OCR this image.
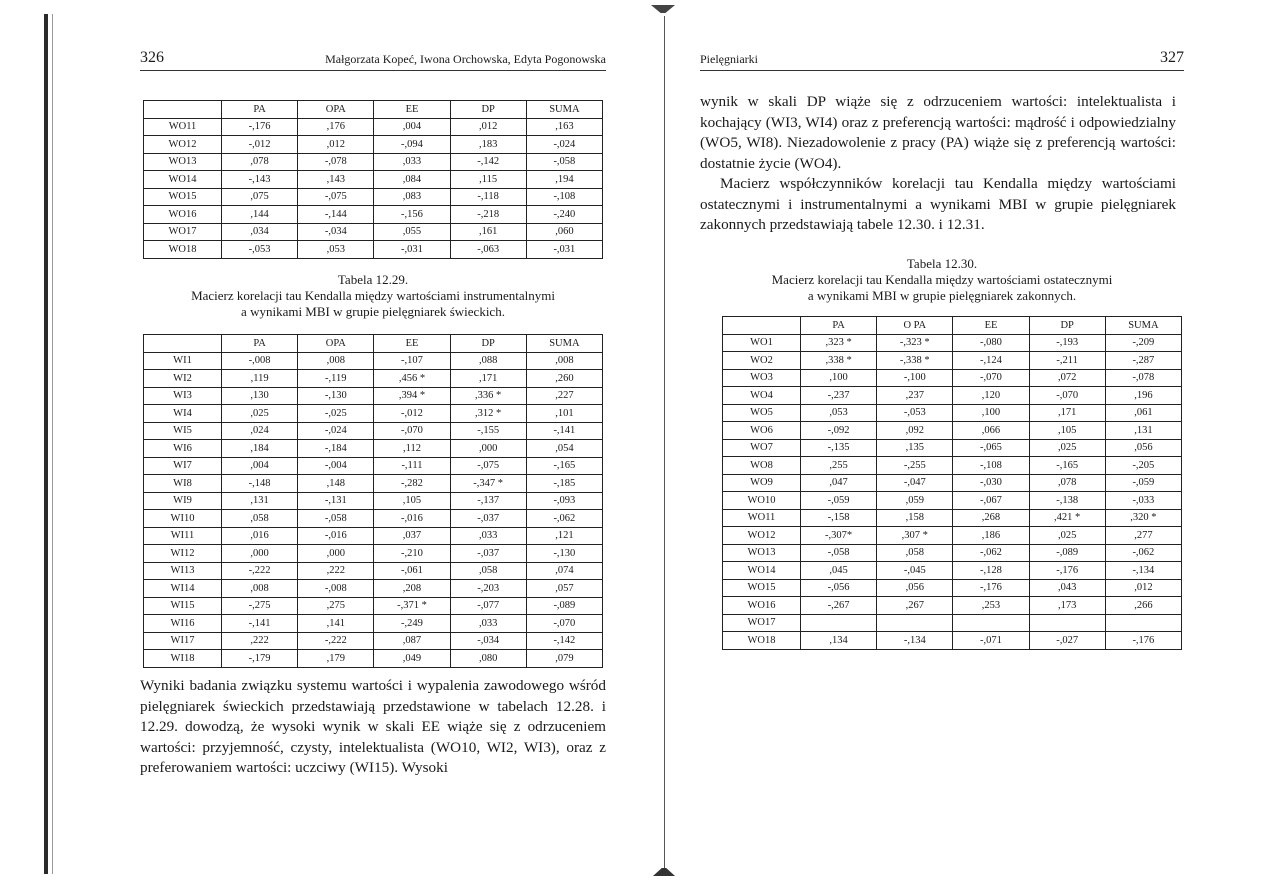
326	Małgorzata Kopeć, Iwona Orchowska, Edyta Pogonowska
	PA	OPA	EE	DP	SUMA
WO11	-,176	,176	,004	,012	,163
WO12	-,012	,012	-,094	,183	-,024
WO13	,078	-,078	,033	-,142	-,058
WO14	-,143	,143	,084	,115	,194
WO15	,075	-,075	,083	-,118	-,108
WO16	,144	-,144	-,156	-,218	-,240
WO17	,034	-,034	,055	,161	,060
WO18	-,053	,053	-,031	-,063	-,031
Tabela 12.29.
Macierz korelacji tau Kendalla między wartościami instrumentalnymi
a wynikami MBI w grupie pielęgniarek świeckich.
	PA	OPA	EE	DP	SUMA
WI1	-,008	,008	-,107	,088	,008
WI2	,119	-,119	,456 *	,171	,260
WI3	,130	-,130	,394 *	,336 *	,227
WI4	,025	-,025	-,012	,312 *	,101
WI5	,024	-,024	-,070	-,155	-,141
WI6	,184	-,184	,112	,000	,054
WI7	,004	-,004	-,111	-,075	-,165
WI8	-,148	,148	-,282	-,347 *	-,185
WI9	,131	-,131	,105	-,137	-,093
WI10	,058	-,058	-,016	-,037	-,062
WI11	,016	-,016	,037	,033	,121
WI12	,000	,000	-,210	-,037	-,130
WI13	-,222	,222	-,061	,058	,074
WI14	,008	-,008	,208	-,203	,057
WI15	-,275	,275	-,371 *	-,077	-,089
WI16	-,141	,141	-,249	,033	-,070
WI17	,222	-,222	,087	-,034	-,142
WI18	-,179	,179	,049	,080	,079

Wyniki badania związku systemu wartości i wypalenia zawodowego wśród pielęgniarek świeckich przedstawiają przedstawione w tabelach 12.28. i 12.29. dowodzą, że wysoki wynik w skali EE wiąże się z odrzuceniem wartości: przyjemność, czysty, intelektualista (WO10, WI2, WI3), oraz z preferowaniem wartości: uczciwy (WI15). Wysoki

Pielęgniarki	327

wynik w skali DP wiąże się z odrzuceniem wartości: intelektualista i kochający (WI3, WI4) oraz z preferencją wartości: mądrość i odpowiedzialny (WO5, WI8). Niezadowolenie z pracy (PA) wiąże się z preferencją wartości: dostatnie życie (WO4).

Macierz współczynników korelacji tau Kendalla między wartościami ostatecznymi i instrumentalnymi a wynikami MBI w grupie pielęgniarek zakonnych przedstawiają tabele 12.30. i 12.31.

Tabela 12.30.
Macierz korelacji tau Kendalla między wartościami ostatecznymi
a wynikami MBI w grupie pielęgniarek zakonnych.
	PA	O PA	EE	DP	SUMA
WO1	,323 *	-,323 *	-,080	-,193	-,209
WO2	,338 *	-,338 *	-,124	-,211	-,287
WO3	,100	-,100	-,070	,072	-,078
WO4	-,237	,237	,120	-,070	,196
WO5	,053	-,053	,100	,171	,061
WO6	-,092	,092	,066	,105	,131
WO7	-,135	,135	-,065	,025	,056
WO8	,255	-,255	-,108	-,165	-,205
WO9	,047	-,047	-,030	,078	-,059
WO10	-,059	,059	-,067	-,138	-,033
WO11	-,158	,158	,268	,421 *	,320 *
WO12	-,307*	,307 *	,186	,025	,277
WO13	-,058	,058	-,062	-,089	-,062
WO14	,045	-,045	-,128	-,176	-,134
WO15	-,056	,056	-,176	,043	,012
WO16	-,267	,267	,253	,173	,266
WO17					
WO18	,134	-,134	-,071	-,027	-,176
